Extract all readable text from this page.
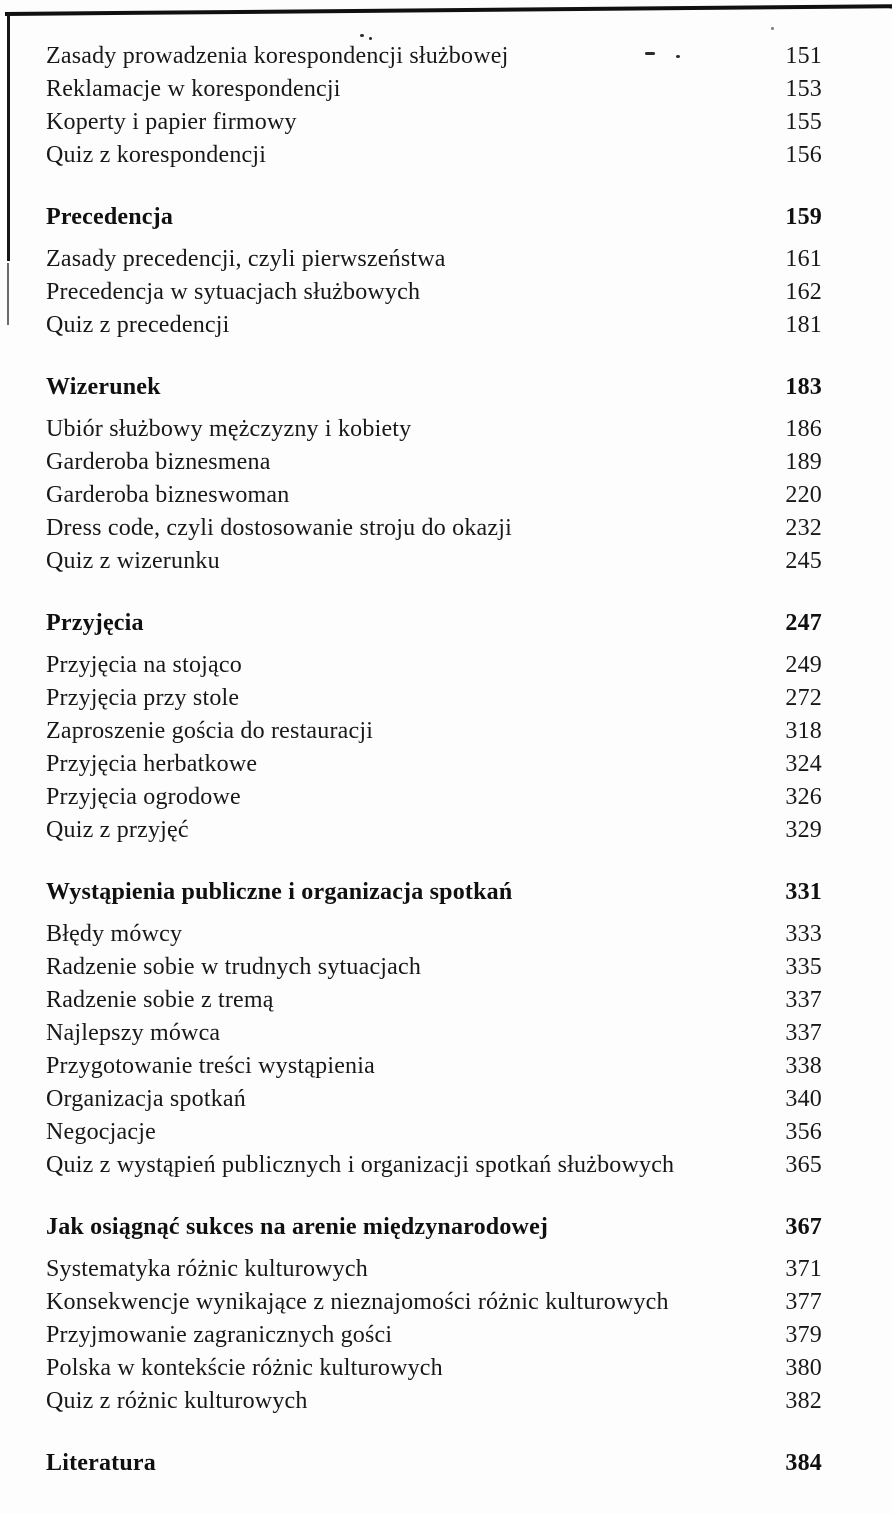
Zasady prowadzenia korespondencji służbowej	151
Reklamacje w korespondencji	153
Koperty i papier firmowy	155
Quiz z korespondencji	156
Precedencja	159
Zasady precedencji, czyli pierwszeństwa	161
Precedencja w sytuacjach służbowych	162
Quiz z precedencji	181
Wizerunek	183
Ubiór służbowy mężczyzny i kobiety	186
Garderoba biznesmena	189
Garderoba bizneswoman	220
Dress code, czyli dostosowanie stroju do okazji	232
Quiz z wizerunku	245
Przyjęcia	247
Przyjęcia na stojąco	249
Przyjęcia przy stole	272
Zaproszenie gościa do restauracji	318
Przyjęcia herbatkowe	324
Przyjęcia ogrodowe	326
Quiz z przyjęć	329
Wystąpienia publiczne i organizacja spotkań	331
Błędy mówcy	333
Radzenie sobie w trudnych sytuacjach	335
Radzenie sobie z tremą	337
Najlepszy mówca	337
Przygotowanie treści wystąpienia	338
Organizacja spotkań	340
Negocjacje	356
Quiz z wystąpień publicznych i organizacji spotkań służbowych	365
Jak osiągnąć sukces na arenie międzynarodowej	367
Systematyka różnic kulturowych	371
Konsekwencje wynikające z nieznajomości różnic kulturowych	377
Przyjmowanie zagranicznych gości	379
Polska w kontekście różnic kulturowych	380
Quiz z różnic kulturowych	382
Literatura	384
